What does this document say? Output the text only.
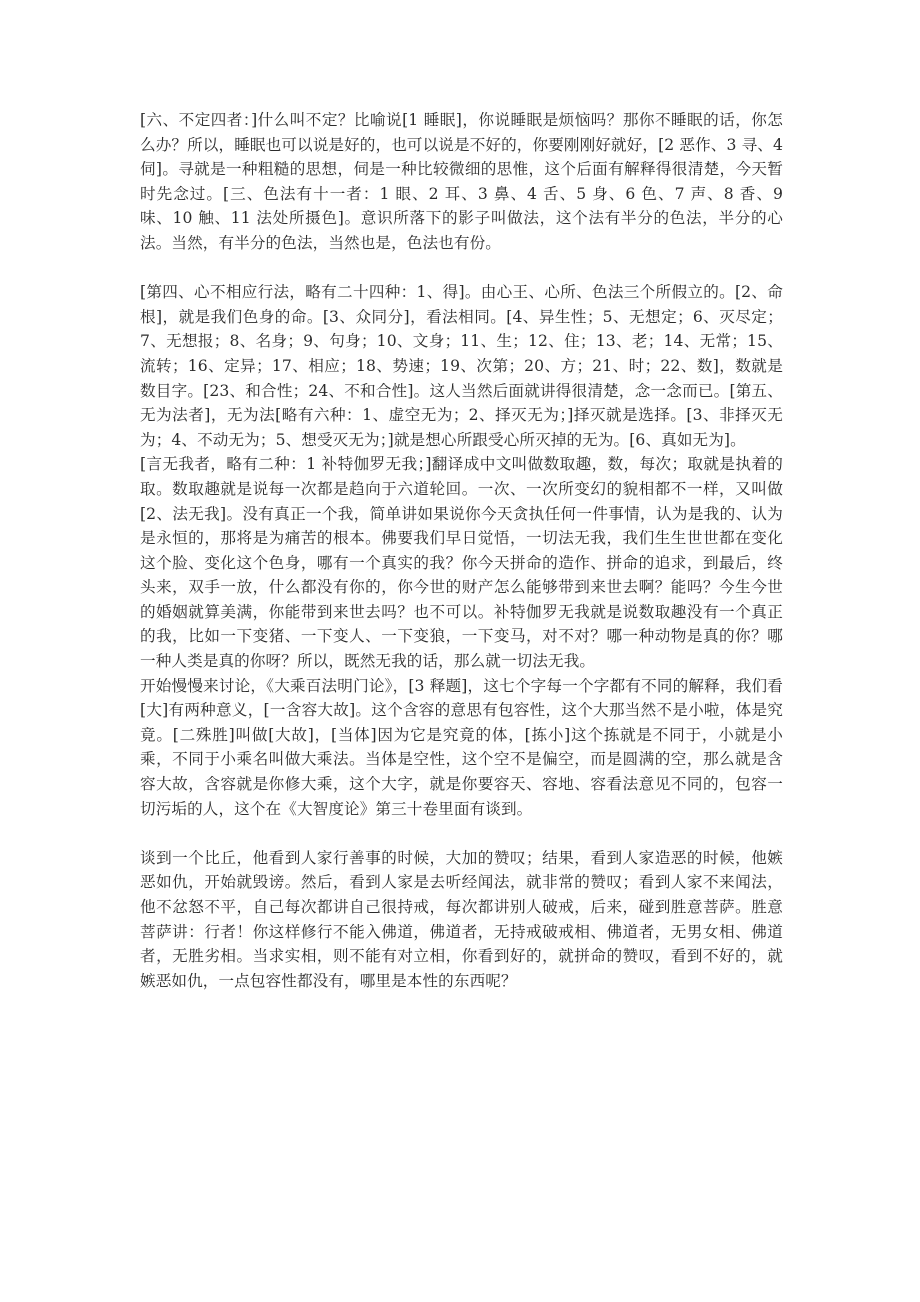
[六、不定四者：]什么叫不定？比喻说[1 睡眠]，你说睡眠是烦恼吗？那你不睡眠的话，你怎么办？所以，睡眠也可以说是好的，也可以说是不好的，你要刚刚好就好，[2 恶作、3 寻、4 伺]。寻就是一种粗糙的思想，伺是一种比较微细的思惟，这个后面有解释得很清楚，今天暂时先念过。[三、色法有十一者：1 眼、2 耳、3 鼻、4 舌、5 身、6 色、7 声、8 香、9 味、10 触、11 法处所摄色]。意识所落下的影子叫做法，这个法有半分的色法，半分的心法。当然，有半分的色法，当然也是，色法也有份。

[第四、心不相应行法，略有二十四种：1、得]。由心王、心所、色法三个所假立的。[2、命根]，就是我们色身的命。[3、众同分]，看法相同。[4、异生性；5、无想定；6、灭尽定；7、无想报；8、名身；9、句身；10、文身；11、生；12、住；13、老；14、无常；15、流转；16、定异；17、相应；18、势速；19、次第；20、方；21、时；22、数]，数就是数目字。[23、和合性；24、不和合性]。这人当然后面就讲得很清楚，念一念而已。[第五、无为法者]，无为法[略有六种：1、虚空无为；2、择灭无为；]择灭就是选择。[3、非择灭无为；4、不动无为；5、想受灭无为；]就是想心所跟受心所灭掉的无为。[6、真如无为]。

[言无我者，略有二种：1 补特伽罗无我；]翻译成中文叫做数取趣，数，每次；取就是执着的取。数取趣就是说每一次都是趋向于六道轮回。一次、一次所变幻的貌相都不一样，又叫做[2、法无我]。没有真正一个我，简单讲如果说你今天贪执任何一件事情，认为是我的、认为是永恒的，那将是为痛苦的根本。佛要我们早日觉悟，一切法无我，我们生生世世都在变化这个脸、变化这个色身，哪有一个真实的我？你今天拼命的造作、拼命的追求，到最后，终头来，双手一放，什么都没有你的，你今世的财产怎么能够带到来世去啊？能吗？今生今世的婚姻就算美满，你能带到来世去吗？也不可以。补特伽罗无我就是说数取趣没有一个真正的我，比如一下变猪、一下变人、一下变狼，一下变马，对不对？哪一种动物是真的你？哪一种人类是真的你呀？所以，既然无我的话，那么就一切法无我。

开始慢慢来讨论，《大乘百法明门论》，[3 释题]，这七个字每一个字都有不同的解释，我们看[大]有两种意义，[一含容大故]。这个含容的意思有包容性，这个大那当然不是小啦，体是究竟。[二殊胜]叫做[大故]，[当体]因为它是究竟的体，[拣小]这个拣就是不同于，小就是小乘，不同于小乘名叫做大乘法。当体是空性，这个空不是偏空，而是圆满的空，那么就是含容大故，含容就是你修大乘，这个大字，就是你要容天、容地、容看法意见不同的，包容一切污垢的人，这个在《大智度论》第三十卷里面有谈到。

谈到一个比丘，他看到人家行善事的时候，大加的赞叹；结果，看到人家造恶的时候，他嫉恶如仇，开始就毁谤。然后，看到人家是去听经闻法，就非常的赞叹；看到人家不来闻法，他不忿怒不平，自己每次都讲自己很持戒，每次都讲别人破戒，后来，碰到胜意菩萨。胜意菩萨讲：行者！你这样修行不能入佛道，佛道者，无持戒破戒相、佛道者，无男女相、佛道者，无胜劣相。当求实相，则不能有对立相，你看到好的，就拼命的赞叹，看到不好的，就嫉恶如仇，一点包容性都没有，哪里是本性的东西呢？
